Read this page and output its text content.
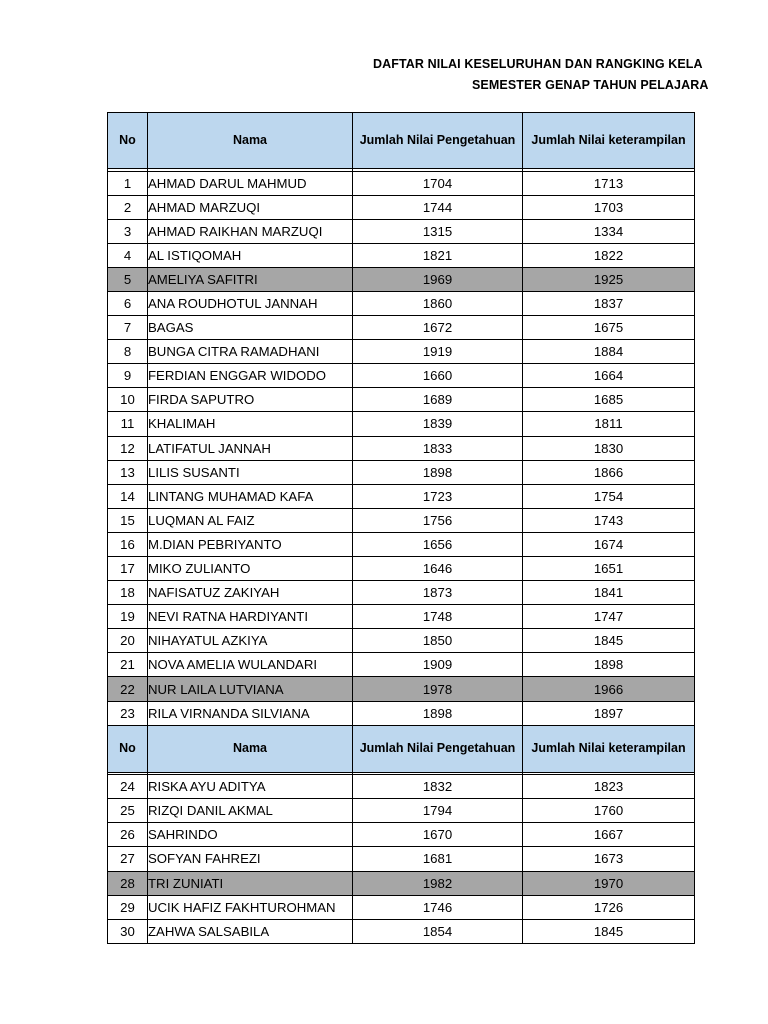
DAFTAR NILAI KESELURUHAN DAN RANGKING KELA
SEMESTER GENAP TAHUN PELAJARA
No	Nama	Jumlah Nilai Pengetahuan	Jumlah Nilai keterampilan

1	AHMAD DARUL MAHMUD	1704	1713
2	AHMAD MARZUQI	1744	1703
3	AHMAD RAIKHAN MARZUQI	1315	1334
4	AL ISTIQOMAH	1821	1822
5	AMELIYA SAFITRI	1969	1925
6	ANA ROUDHOTUL JANNAH	1860	1837
7	BAGAS	1672	1675
8	BUNGA CITRA RAMADHANI	1919	1884
9	FERDIAN ENGGAR WIDODO	1660	1664
10	FIRDA SAPUTRO	1689	1685
11	KHALIMAH	1839	1811
12	LATIFATUL JANNAH	1833	1830
13	LILIS SUSANTI	1898	1866
14	LINTANG MUHAMAD KAFA	1723	1754
15	LUQMAN AL FAIZ	1756	1743
16	M.DIAN PEBRIYANTO	1656	1674
17	MIKO ZULIANTO	1646	1651
18	NAFISATUZ ZAKIYAH	1873	1841
19	NEVI RATNA HARDIYANTI	1748	1747
20	NIHAYATUL AZKIYA	1850	1845
21	NOVA AMELIA WULANDARI	1909	1898
22	NUR LAILA LUTVIANA	1978	1966
23	RILA VIRNANDA SILVIANA	1898	1897
No	Nama	Jumlah Nilai Pengetahuan	Jumlah Nilai keterampilan

24	RISKA AYU ADITYA	1832	1823
25	RIZQI DANIL AKMAL	1794	1760
26	SAHRINDO	1670	1667
27	SOFYAN FAHREZI	1681	1673
28	TRI ZUNIATI	1982	1970
29	UCIK HAFIZ FAKHTUROHMAN	1746	1726
30	ZAHWA SALSABILA	1854	1845
